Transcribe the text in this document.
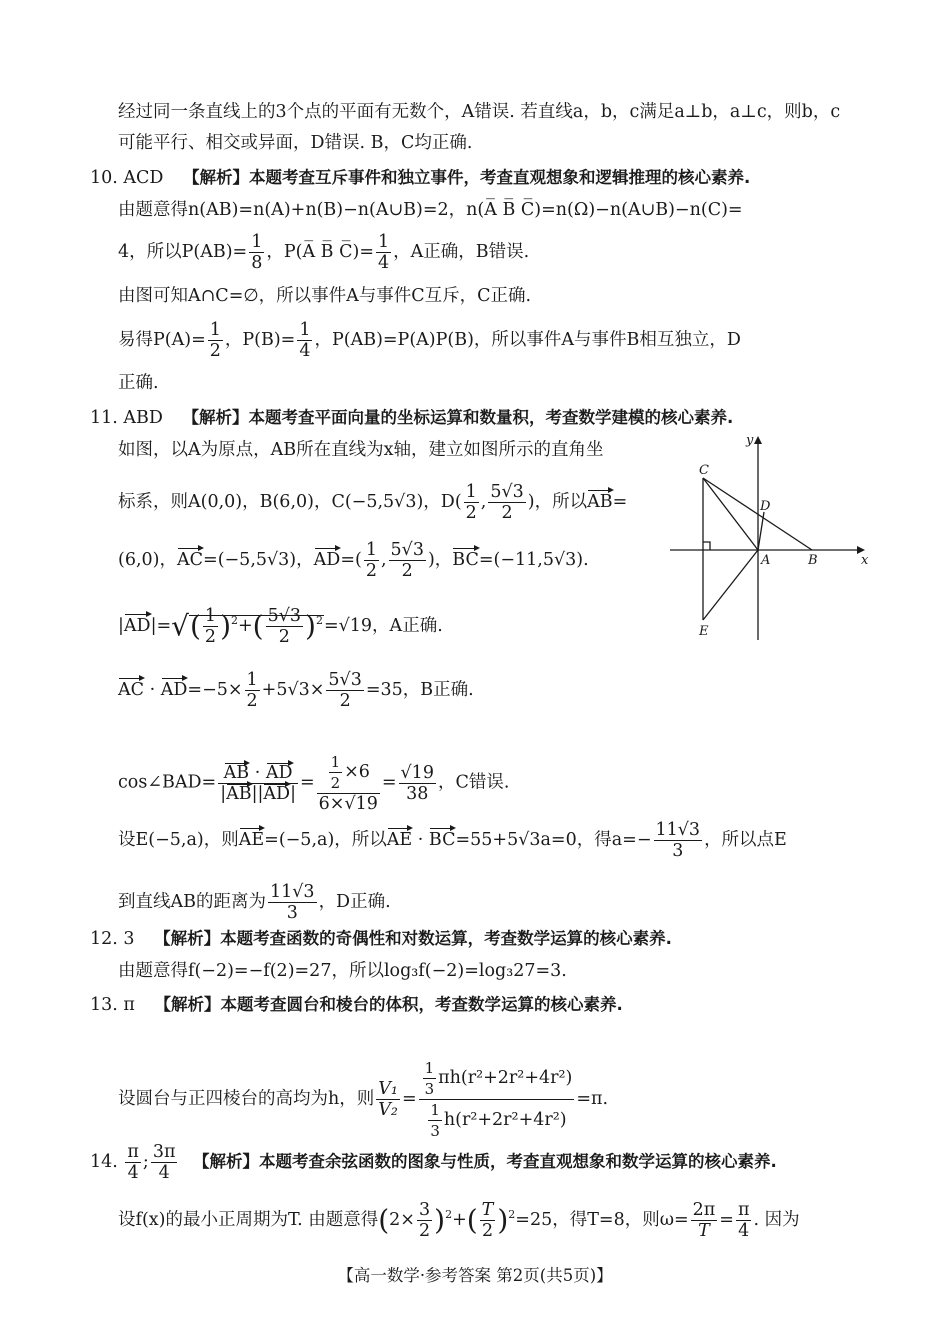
经过同一条直线上的3个点的平面有无数个，A错误. 若直线a，b，c满足a⊥b，a⊥c，则b，c
可能平行、相交或异面，D错误. B，C均正确.
10. ACD 【解析】本题考查互斥事件和独立事件，考查直观想象和逻辑推理的核心素养.
由题意得n(AB)=n(A)+n(B)−n(A∪B)=2，n(A̅ B̅ C̅)=n(Ω)−n(A∪B)−n(C)=
4，所以$P(AB)= \frac{1}{8}$ ，P(A̅ B̅ C̅)= $\frac{1}{4}$ ，A正确，B错误.
由图可知A∩C=∅，所以事件A与事件C互斥，C正确.
易得$P(A)= \frac{1}{2}$ ，$P(B)= \frac{1}{4}$ ，P(AB)=P(A)P(B)，所以事件A与事件B相互独立，D
正确.
11. ABD 【解析】本题考查平面向量的坐标运算和数量积，考查数学建模的核心素养.
如图，以A为原点，AB所在直线为x轴，建立如图所示的直角坐
标系，则A(0,0)，B(6,0)，C(−5,5√3)，$D( \frac{1}{2}$ , $\frac{5√3}{2}$ )，所以AB=
(6,0)，AC=(−5,5√3)，$AD=( \frac{1}{2}$ , $\frac{5√3}{2}$ )，BC=(−11,5√3).
$|AD|=√( \frac{1}{2} )^2+( \frac{5√3}{2} )^2=√19$，A正确.
AC · $AD=-5\times \frac{1}{2} +5√3\times \frac{5√3}{2} =35$，B正确.
cos∠BAD= $\frac{AB \cdot AD}{|AB||AD|} = \frac{\frac{1}{2} \times 6}{6\times√19} = \frac{√19}{38}$ ，C错误.
设E(−5,a)，则AE=(−5,a)，所以AE · BC=55+5√3a=0，得$a=- \frac{11√3}{3}$ ，所以点E
到直线AB的距离为 $\frac{11√3}{3}$ ，D正确.
x
y
C
D
A	B
E
12. 3 【解析】本题考查函数的奇偶性和对数运算，考查数学运算的核心素养.
由题意得f(−2)=−f(2)=27，所以log₃f(−2)=log₃27=3.
13. π 【解析】本题考查圆台和棱台的体积，考查数学运算的核心素养.
设圆台与正四棱台的高均为h，则 $\frac{\text{V₁}}{\text{V₂}} = \frac{\frac{1}{3} \pi h(r^2+2r^2+4r^2)}{\frac{1}{3} h(r^2+2r^2+4r^2)} =\pi$.
14. $\frac{\pi}{4}$ ; $\frac{3\pi}{4}$ 【解析】本题考查余弦函数的图象与性质，考查直观想象和数学运算的核心素养.
设f(x)的最小正周期为T. 由题意得$(2\times \frac{3}{2} )^2+( \frac{T}{2} )^2=25$，得T=8，则$\omega= \frac{2\pi}{T} = \frac{\pi}{4}$ . 因为
【高一数学·参考答案 第2页(共5页)】
